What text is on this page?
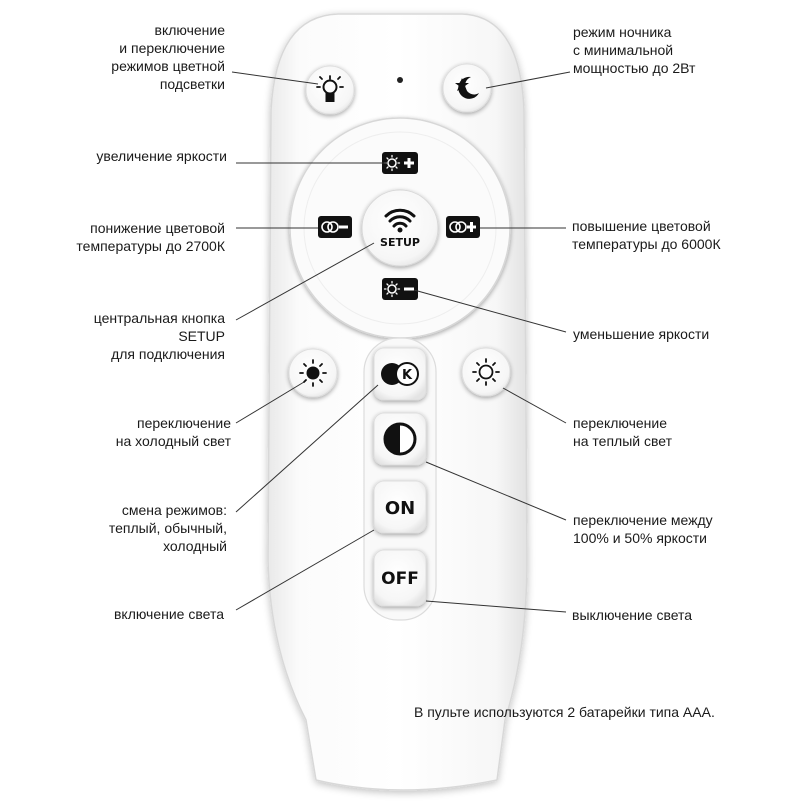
SETUP
K
ON
OFF
включение
и переключение
режимов цветной
подсветки
увеличение яркости
понижение цветовой
температуры до 2700К
центральная кнопка
SETUP
для подключения
переключение
на холодный свет
смена режимов:
теплый, обычный,
холодный
включение света
режим ночника
с минимальной
мощностью до 2Вт
повышение цветовой
температуры до 6000К
уменьшение яркости
переключение
на теплый свет
переключение между
100% и 50% яркости
выключение света
В пульте используются 2 батарейки типа AAA.
